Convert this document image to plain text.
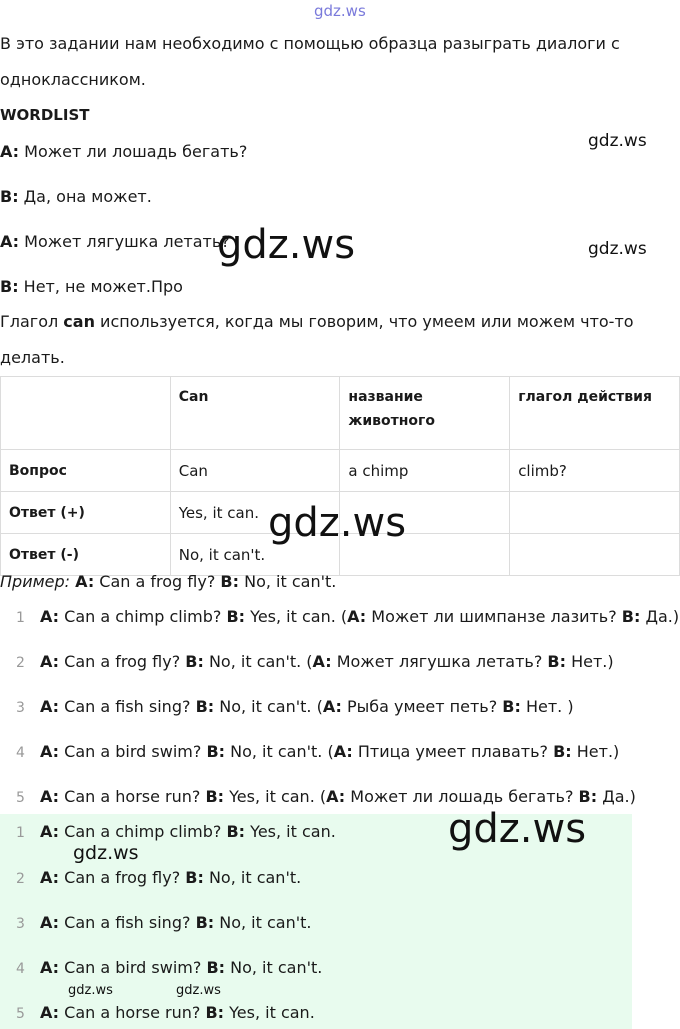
gdz.ws
В это задании нам необходимо с помощью образца разыграть диалоги с
одноклассником.
WORDLIST
A: Может ли лошадь бегать?
gdz.ws
B: Да, она может.
A: Может лягушка летать?
gdz.ws	gdz.ws
B: Нет, не может.Про
Глагол can используется, когда мы говорим, что умеем или можем что-то
делать.
	Can	название животного	глагол действия
Вопрос	Can	a chimp	climb?
Ответ (+)	Yes, it can.		
Ответ (-)	No, it can't.		
gdz.ws
Пример: A: Can a frog fly? B: No, it can't.
1 A: Can a chimp climb? B: Yes, it can. (A: Может ли шимпанзе лазить? B: Да.)
2 A: Can a frog fly? B: No, it can't. (A: Может лягушка летать? B: Нет.)
3 A: Can a fish sing? B: No, it can't. (A: Рыба умеет петь? B: Нет. )
4 A: Can a bird swim? B: No, it can't. (A: Птица умеет плавать? B: Нет.)
5 A: Can a horse run? B: Yes, it can. (A: Может ли лошадь бегать? B: Да.)
1 A: Can a chimp climb? B: Yes, it can.
2 A: Can a frog fly? B: No, it can't.
3 A: Can a fish sing? B: No, it can't.
4 A: Can a bird swim? B: No, it can't.
5 A: Can a horse run? B: Yes, it can.
gdz.ws
gdz.ws
gdz.ws	gdz.ws
